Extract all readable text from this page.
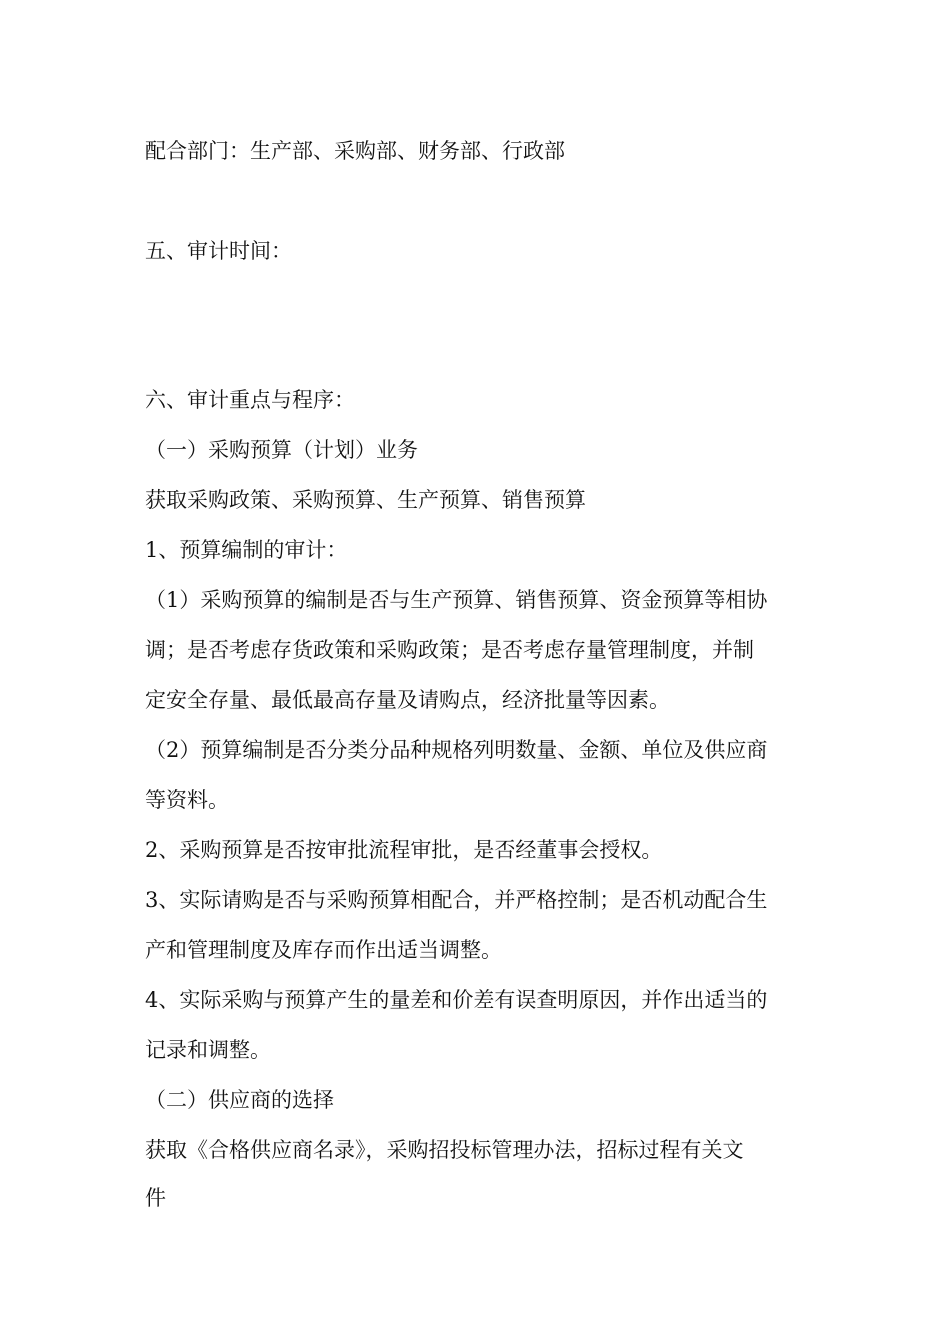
配合部门：生产部、采购部、财务部、行政部
五、审计时间：
六、审计重点与程序：
（一）采购预算（计划）业务
获取采购政策、采购预算、生产预算、销售预算
1、预算编制的审计：
（1）采购预算的编制是否与生产预算、销售预算、资金预算等相协
调；是否考虑存货政策和采购政策；是否考虑存量管理制度，并制
定安全存量、最低最高存量及请购点，经济批量等因素。
（2）预算编制是否分类分品种规格列明数量、金额、单位及供应商
等资料。
2、采购预算是否按审批流程审批，是否经董事会授权。
3、实际请购是否与采购预算相配合，并严格控制；是否机动配合生
产和管理制度及库存而作出适当调整。
4、实际采购与预算产生的量差和价差有误查明原因，并作出适当的
记录和调整。
（二）供应商的选择
获取《合格供应商名录》，采购招投标管理办法，招标过程有关文
件
